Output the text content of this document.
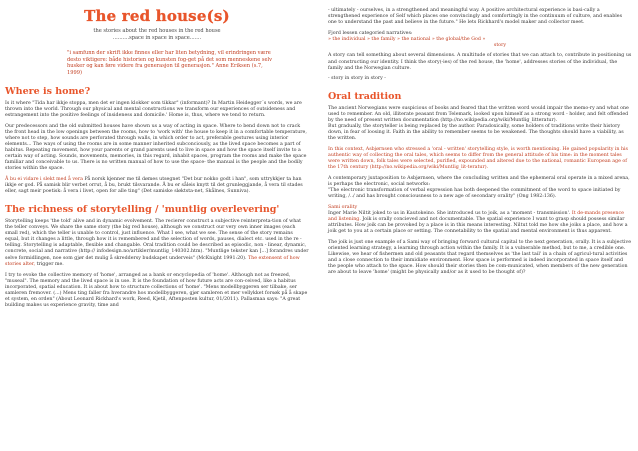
The red house(s)
the stories about the red houses in the red house
..........space in space in space.......
"i samfunn der skrift ikke finnes eller har liten betydning, vil erindringen være desto viktigere: både historien og kunsten fog-get på det som menneskene selv husker og kan føre videre fra generasjon til generasjon." Anne Eriksen (s.7, 1999)
Where is home?

Is it where "Tida har ikkje stoppa, men det er ingen klokker som tikkar" (informant)? In Martin Heidegger´s words, we are thrown into the world. Through our physical and mental constructions we transform our experiences of outsideness and estrangement into the positive feelings of insideness and domicile.' Home is, thus, where we tend to return.

Our predecessors and the old submitted houses have shown us a way of acting in space. Where to bend down not to crack the front head in the low openings between the rooms, how to 'work with' the house to keep it in a comfortable temperature, where not to step, how sounds are perforated through walls, in which order to act, preferable gestures using interior elements... The ways of using the rooms are in some manner inherited subconciously, as the lived space becomes a part of habitus. Repeating movement, how your parents or grand parents used to live in space and how the space itself invite to a certain way of acting. Sounds, movements, memories, in this regard, inhabit spaces, program the rooms and make the space familiar and conceivable to us. There is no written manual of how to use the space- the manual is the people and the bodily stories within the space.

Å bu ei vidare i slekt med å vera På norsk kjenner me til dømes utsegnet "Det bur nokko godt i han", som uttrykkjer ta han ikkje er god. På samisk blir verbet orrut, å bu, brukt tilsvarande. Å bu er såleis knytt til det grunleggjande, å vera til stades eller, sagt meir poetisk: å vera i livet, open for alle ting" (Det samiske sløktsta-net, Skålnes, Sunniva).

The richness of storytelling / 'muntlig overlevering'

Storytelling keeps 'the told' alive and in dynamic evolvement. The recierer construct a subjective reinterpreta-tion of what the teller conveys. We share the same story (the big red house), although we construct our very own inner images (each small red), which the teller is unable to control, just influence. What I see, what we see. The sense of the story remains equal, but it changes a little, through how it is remembered and the selection of words, pauses, dialect etc. used in the re - telling. Storytelling is adaptable, flexible and changable. Oral tradition could be described as episodic, non - linear, dynamic, concrete, social and narrative (http:// infodesign.no/artikler/muntlig_140302.htm). "Muntlige tekster kan [...] forandres under selve formidlingen, noe som gjør det mulig å skreddersy budskapet underveis" (McKnight 1991:20). The extensent of how stories alter, trigger me.

I try to evoke the collective memory of 'home', arranged as a bank or encyclopedia of 'home'. Although not as freezed, "museal". The memory and the lived space is in use. It is the foundation of how future acts are con-ceived, like a habitus incorporated, spatial education. It is about how to structure collections of 'home'. "Mens modellbyggeren ser tilbake, ser samleren fremover. (...) Mens ting faller fra hverandre hos modellbyggeren, gjør samleren et mer vellykket forsøk på å skape et system, en orden" (About Leonard Rickhard's work, Reed, Kjetil, Aftenposten kultur, 01/2011). Pallasmaa says: "A great building makes us experience gravity, time and

- ultimately - ourselves, in a strengthened and meaningful way. A positive architectural experience is basi-cally a strengthened experience of Self which places one convincingly and comfortingly in the continuum of culture, and enables one to understand the past and believe in the future." He lets Rickhard's model maker and collector meet.

Fjord lessen categoried narratives:

» the individual » the family » the national » the global/the God »

story

A story can tell something about several dimensions. A multitude of stories that we can attach to, contribute in positioning us and constructing our identity. I think the story(-ies) of the red house, the 'home', addresses stories of the individual, the family and the Norwegian culture.

- story in story in story -

Oral tradition

The ancient Norwegians were suspicious of books and feared that the written word would impair the memo-ry and what one used to remember. An old, illiterate peasant from Telemark, looked upon himself as a strong word - holder, and felt offended by the need of present written documentation (http://no.wikipedia.org/wiki/Muntlig_litteratur).

But gradually, the storyteller is being replaced by the author. Paradoxically, some holders of traditions write their history down, in fear of loosing it. Faith in the ability to remember seems to be weakened. The thoughts should have a viability, as the written.

In this context, Asbjørnsen who stressed a 'oral - written' storytelling style, is worth mentioning. He gained popularity in his authentic way of collecting the oral tales, which seems to differ from the general attitude of his time: in the moment tales were written down, folk tales were selected, purified, expounded and altered due to the national, romantic European age of the 17th century (http://no.wikipedia.org/wiki/Muntlig_lit-teratur).

A contemporary juxtaposition to Asbjørnsen, where the concluding written and the ephemeral oral operate in a mixed arena, is perhaps the electronic, social networks:

"The electronic transformation of verbal expression has both deepened the commitment of the word to space initiated by writing, /../ and has brought consciousness to a new age of secondary orality" (Ong 1982:136).

Sami orality

Inger Marie Niltit joked to us in Kautokeino. She introduced us to joik, as a 'moment - transmission'. It de-mands presence and listening. Joik is orally concieved and not documentable. The spatial experience I want to grasp should possess similar attributes. How joik can be provoked by a place is in this means interesting. Niltut told me how she joiks a place, and how a joik get to you at a certain place or setting. The connetability to the spatial and mental environment is thus apparent.

The joik is just one example of a Sami way of bringing forward cultural capital to the next generation, orally. It is a subjective oriented learning strategy, a learning through action within the family. It is a vulnerable method, but to me, a credible one.

Likewise, we hear of fishermen and old peasants that regard themselves as 'the last tail' in a chain of agricul-tural activities and a close connection to their immidiate environment. How space is performed is indeed incorporated in space itself and the people who attach to the space. How should their stories then be com-municated, when members of the new generation are about to leave 'home' (might be physically and/or as it used to be thought of)?
